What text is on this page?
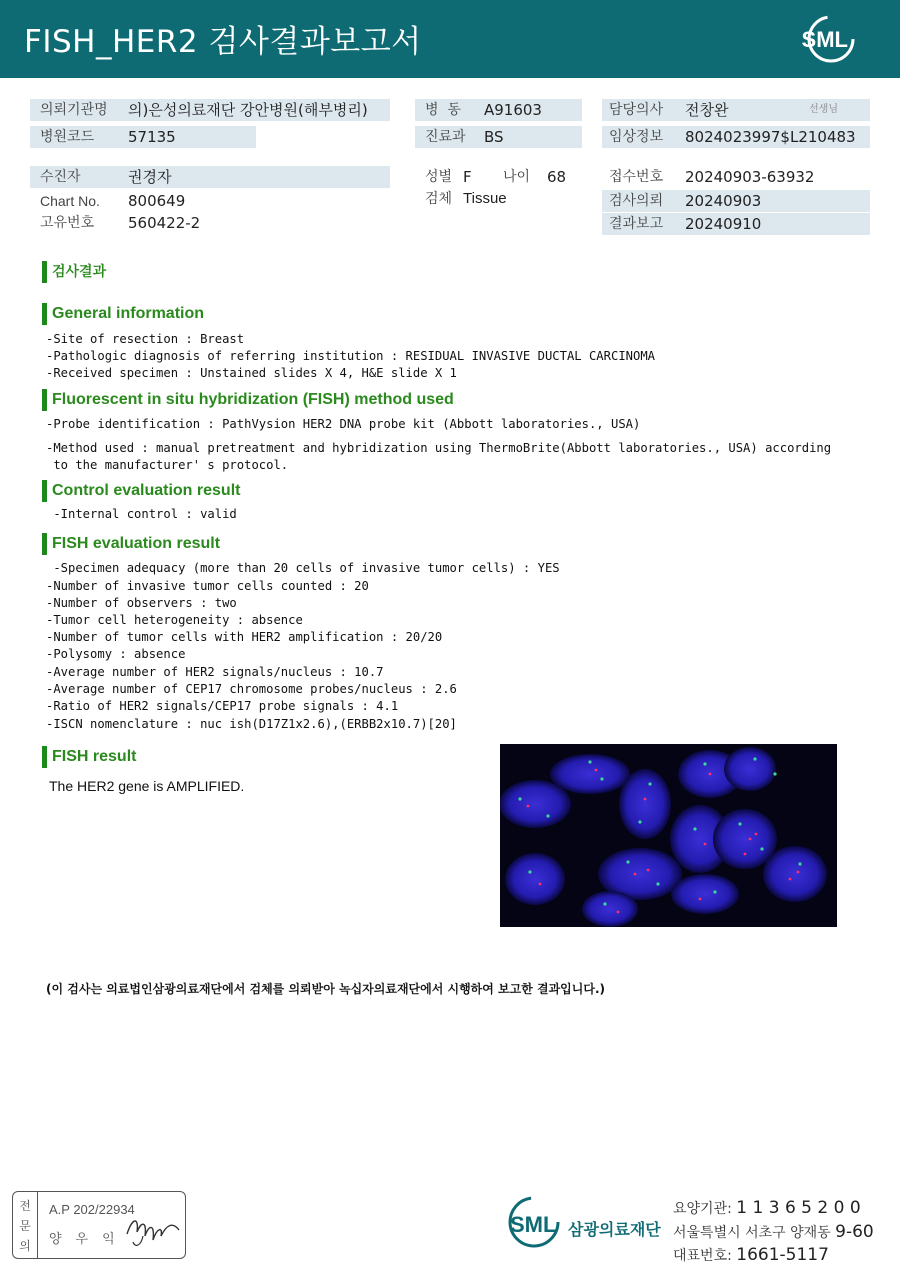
FISH_HER2 검사결과보고서	SML
의뢰기관명 의)은성의료재단 강안병원(해부병리)	병  동 A91603	담당의사 전창완	선생님
병원코드 57135	진료과 BS	임상정보 8024023997$L210483
수진자	권경자	성별 F 나이 68	접수번호 20240903-63932
Chart No. 800649	검체 Tissue	검사의뢰 20240903
고유번호 560422-2	결과보고 20240910
검사결과
General information
-Site of resection : Breast
-Pathologic diagnosis of referring institution : RESIDUAL INVASIVE DUCTAL CARCINOMA
-Received specimen : Unstained slides X 4, H&E slide X 1
Fluorescent in situ hybridization (FISH) method used
-Probe identification : PathVysion HER2 DNA probe kit (Abbott laboratories., USA)
-Method used : manual pretreatment and hybridization using ThermoBrite(Abbott laboratories., USA) according
to the manufacturer' s protocol.
Control evaluation result
-Internal control : valid
FISH evaluation result
-Specimen adequacy (more than 20 cells of invasive tumor cells) : YES
-Number of invasive tumor cells counted : 20
-Number of observers : two
-Tumor cell heterogeneity : absence
-Number of tumor cells with HER2 amplification : 20/20
-Polysomy : absence
-Average number of HER2 signals/nucleus : 10.7
-Average number of CEP17 chromosome probes/nucleus : 2.6
-Ratio of HER2 signals/CEP17 probe signals : 4.1
-ISCN nomenclature : nuc ish(D17Z1x2.6),(ERBB2x10.7)[20]
FISH result
The HER2 gene is AMPLIFIED.
(이 검사는 의료법인삼광의료재단에서 검체를 의뢰받아 녹십자의료재단에서 시행하여 보고한 결과입니다.)
전
문
의
A.P 202/22934
양우익
SML 삼광의료재단
요양기관: 1 1 3 6 5 2 0 0
서울특별시 서초구 양재동 9-60
대표번호: 1661-5117
